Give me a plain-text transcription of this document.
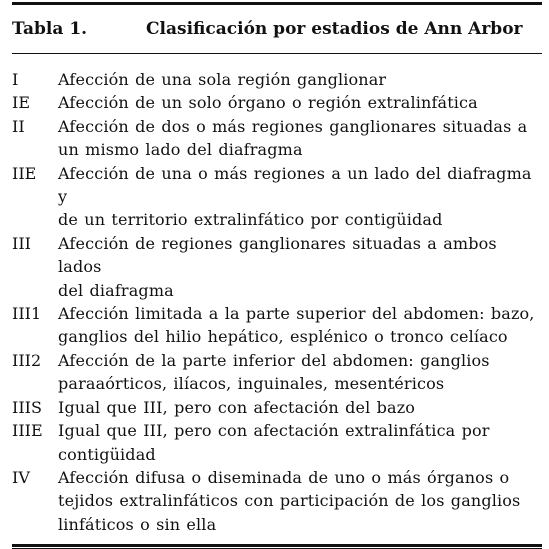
Tabla 1.	Clasificación por estadios de Ann Arbor
I	Afección de una sola región ganglionar
IE	Afección de un solo órgano o región extralinfática
II	Afección de dos o más regiones ganglionares situadas a
un mismo lado del diafragma
IIE	Afección de una o más regiones a un lado del diafragma y
de un territorio extralinfático por contigüidad
III	Afección de regiones ganglionares situadas a ambos lados
del diafragma
III1	Afección limitada a la parte superior del abdomen: bazo,
ganglios del hilio hepático, esplénico o tronco celíaco
III2	Afección de la parte inferior del abdomen: ganglios
paraaórticos, ilíacos, inguinales, mesentéricos
IIIS	Igual que III, pero con afectación del bazo
IIIE Igual que III, pero con afectación extralinfática por
contigüidad
IV	Afección difusa o diseminada de uno o más órganos o
tejidos extralinfáticos con participación de los ganglios
linfáticos o sin ella
